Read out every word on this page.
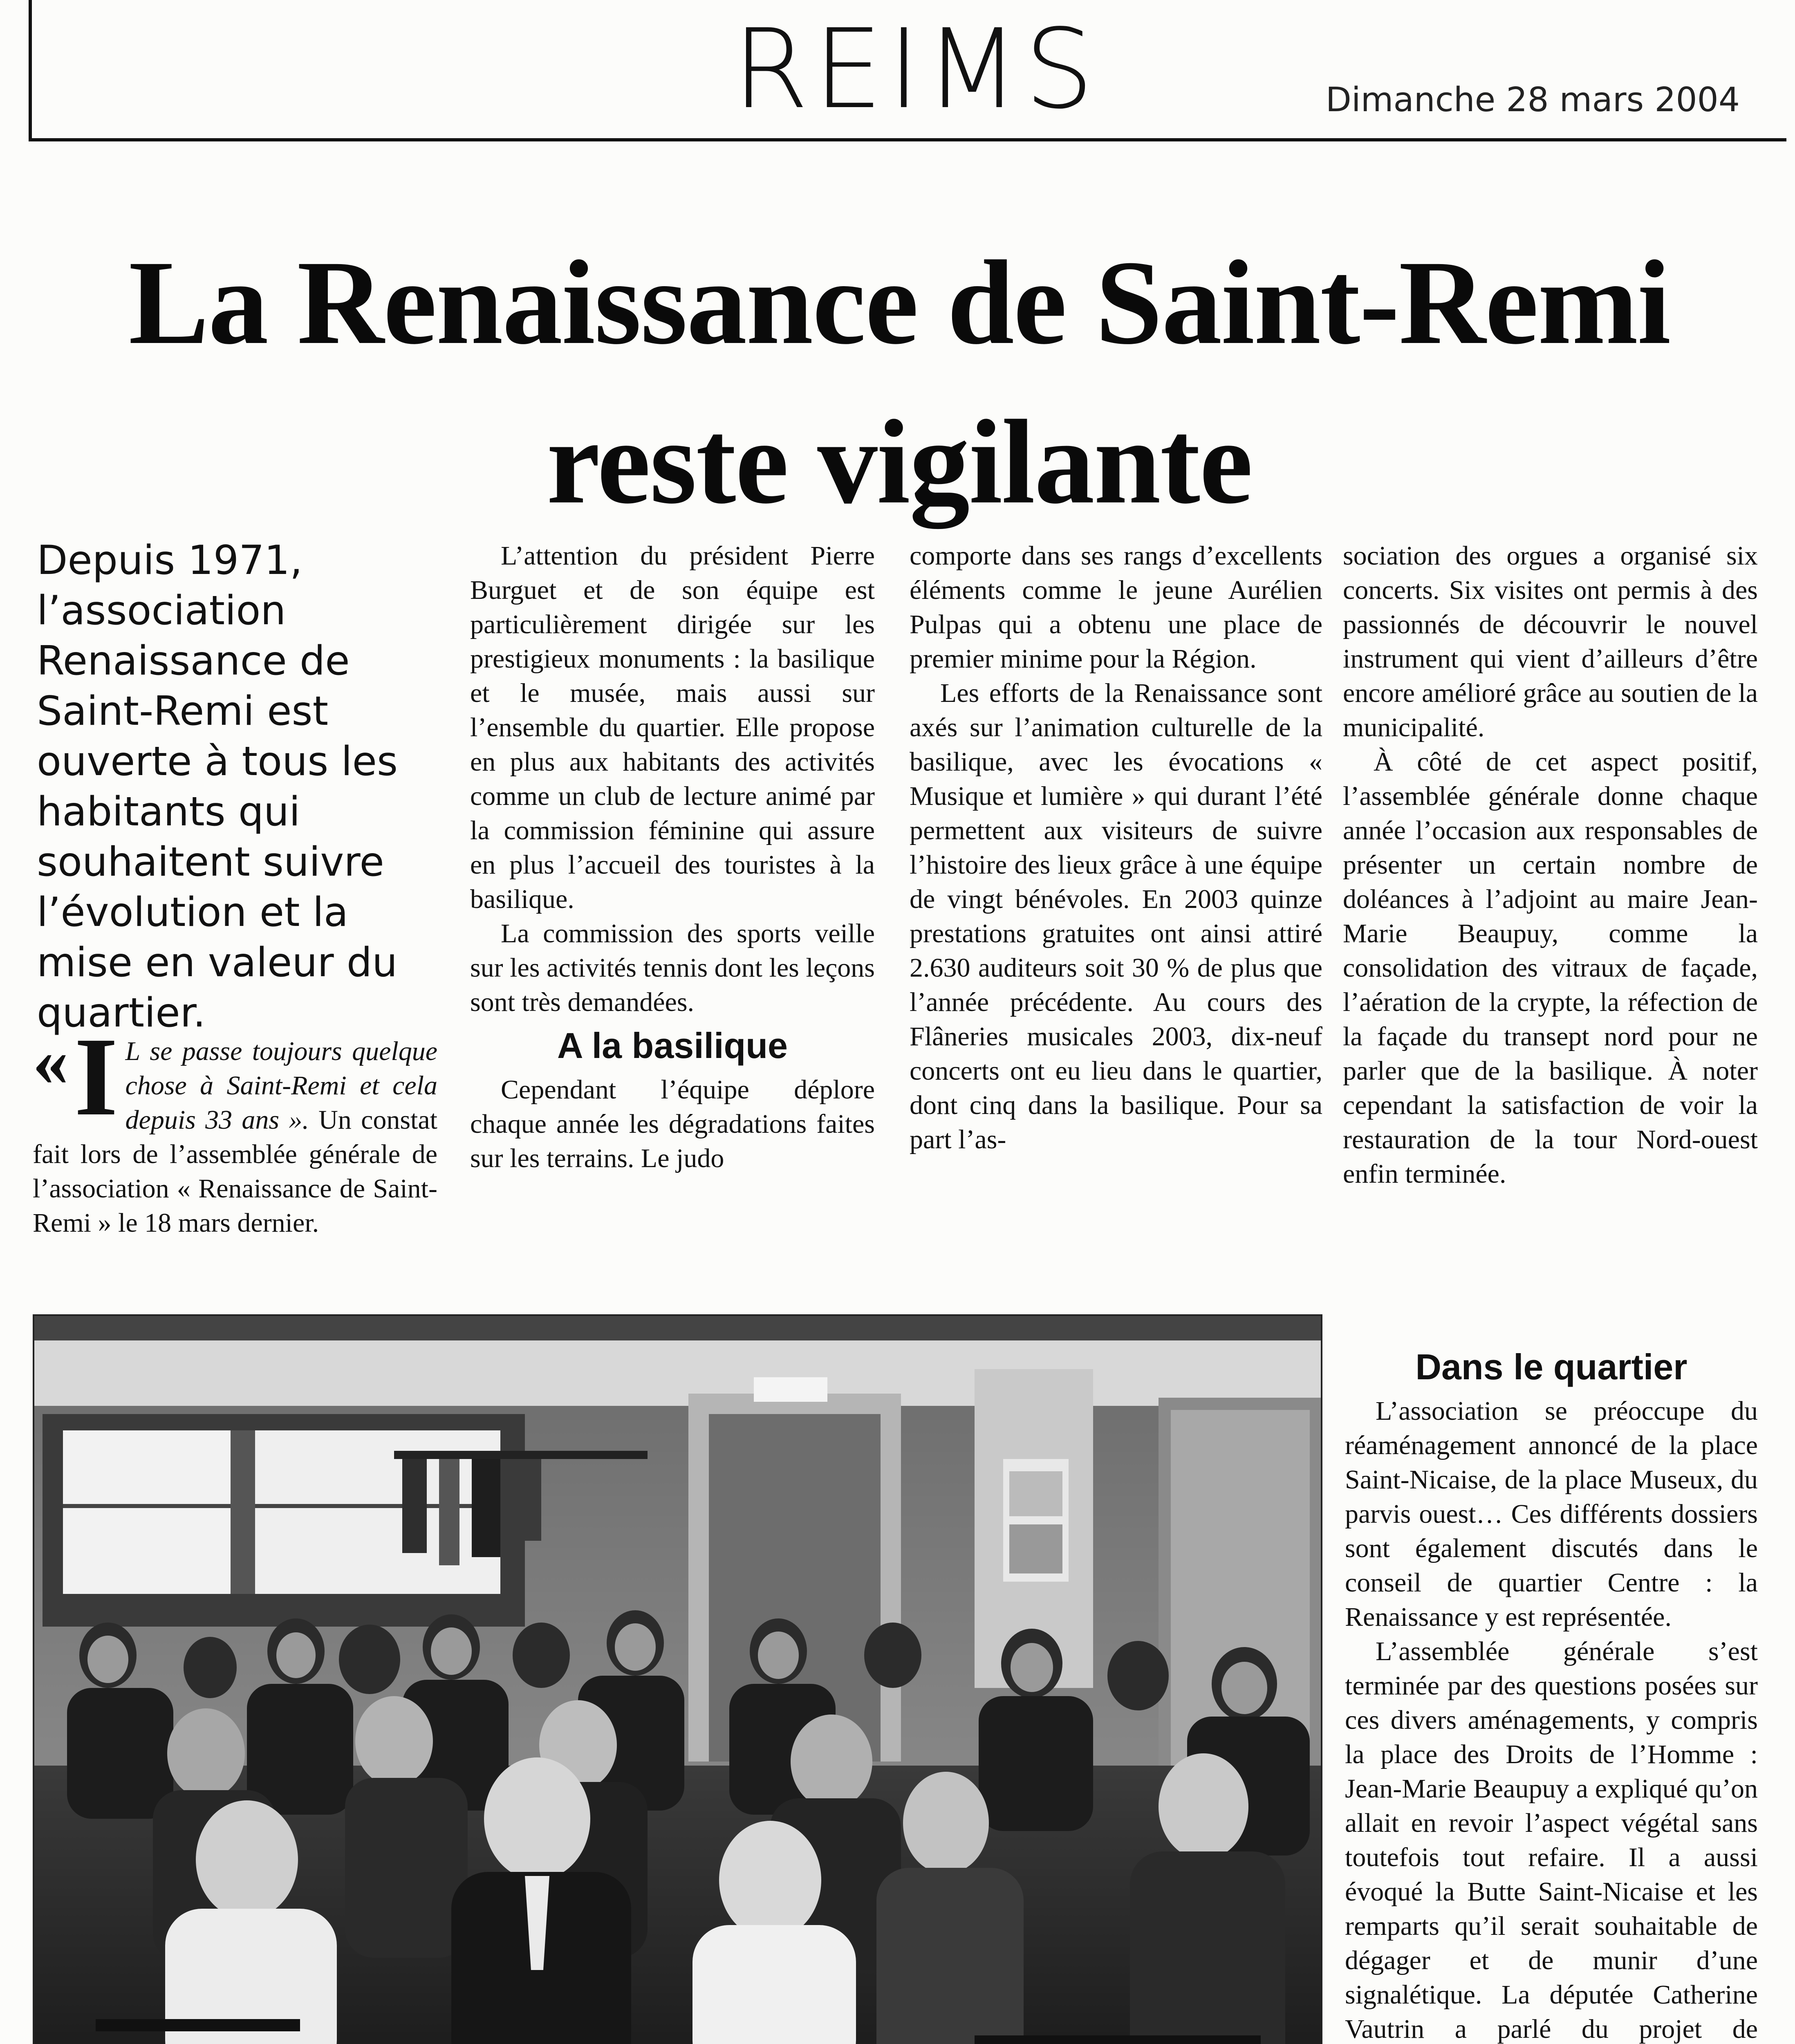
REIMS	Dimanche 28 mars 2004
La Renaissance de Saint-Remi
reste vigilante
Depuis 1971, l’association Renaissance de Saint-Remi est ouverte à tous les habitants qui souhaitent suivre l’évolution et la mise en valeur du quartier.
« I L se passe toujours quelque chose à Saint-Remi et cela depuis 33 ans ». Un constat fait lors de l’assemblée générale de l’association « Renaissance de Saint-Remi » le 18 mars dernier.

L’attention du président Pierre Burguet et de son équipe est particulièrement dirigée sur les prestigieux monuments : la basilique et le musée, mais aussi sur l’ensemble du quartier. Elle propose en plus aux habitants des activités comme un club de lecture animé par la commission féminine qui assure en plus l’accueil des touristes à la basilique.

La commission des sports veille sur les activités tennis dont les leçons sont très demandées.

A la basilique

Cependant l’équipe déplore chaque année les dégradations faites sur les terrains. Le judo

comporte dans ses rangs d’excellents éléments comme le jeune Aurélien Pulpas qui a obtenu une place de premier minime pour la Région.

Les efforts de la Renaissance sont axés sur l’animation culturelle de la basilique, avec les évocations « Musique et lumière » qui durant l’été permettent aux visiteurs de suivre l’histoire des lieux grâce à une équipe de vingt bénévoles. En 2003 quinze prestations gratuites ont ainsi attiré 2.630 auditeurs soit 30 % de plus que l’année précédente. Au cours des Flâneries musicales 2003, dix-neuf concerts ont eu lieu dans le quartier, dont cinq dans la basilique. Pour sa part l’as-

sociation des orgues a organisé six concerts. Six visites ont permis à des passionnés de découvrir le nouvel instrument qui vient d’ailleurs d’être encore amélioré grâce au soutien de la municipalité.

À côté de cet aspect positif, l’assemblée générale donne chaque année l’occasion aux responsables de présenter un certain nombre de doléances à l’adjoint au maire Jean-Marie Beaupuy, comme la consolidation des vitraux de façade, l’aération de la crypte, la réfection de la façade du transept nord pour ne parler que de la basilique. À noter cependant la satisfaction de voir la restauration de la tour Nord-ouest enfin terminée.

Dans le quartier

L’association se préoccupe du réaménagement annoncé de la place Saint-Nicaise, de la place Museux, du parvis ouest… Ces différents dossiers sont également discutés dans le conseil de quartier Centre : la Renaissance y est représentée.

L’assemblée générale s’est terminée par des questions posées sur ces divers aménagements, y compris la place des Droits de l’Homme : Jean-Marie Beaupuy a expliqué qu’on allait en revoir l’aspect végétal sans toutefois tout refaire. Il a aussi évoqué la Butte Saint-Nicaise et les remparts qu’il serait souhaitable de dégager et de munir d’une signalétique. La députée Catherine Vautrin a parlé du projet de
